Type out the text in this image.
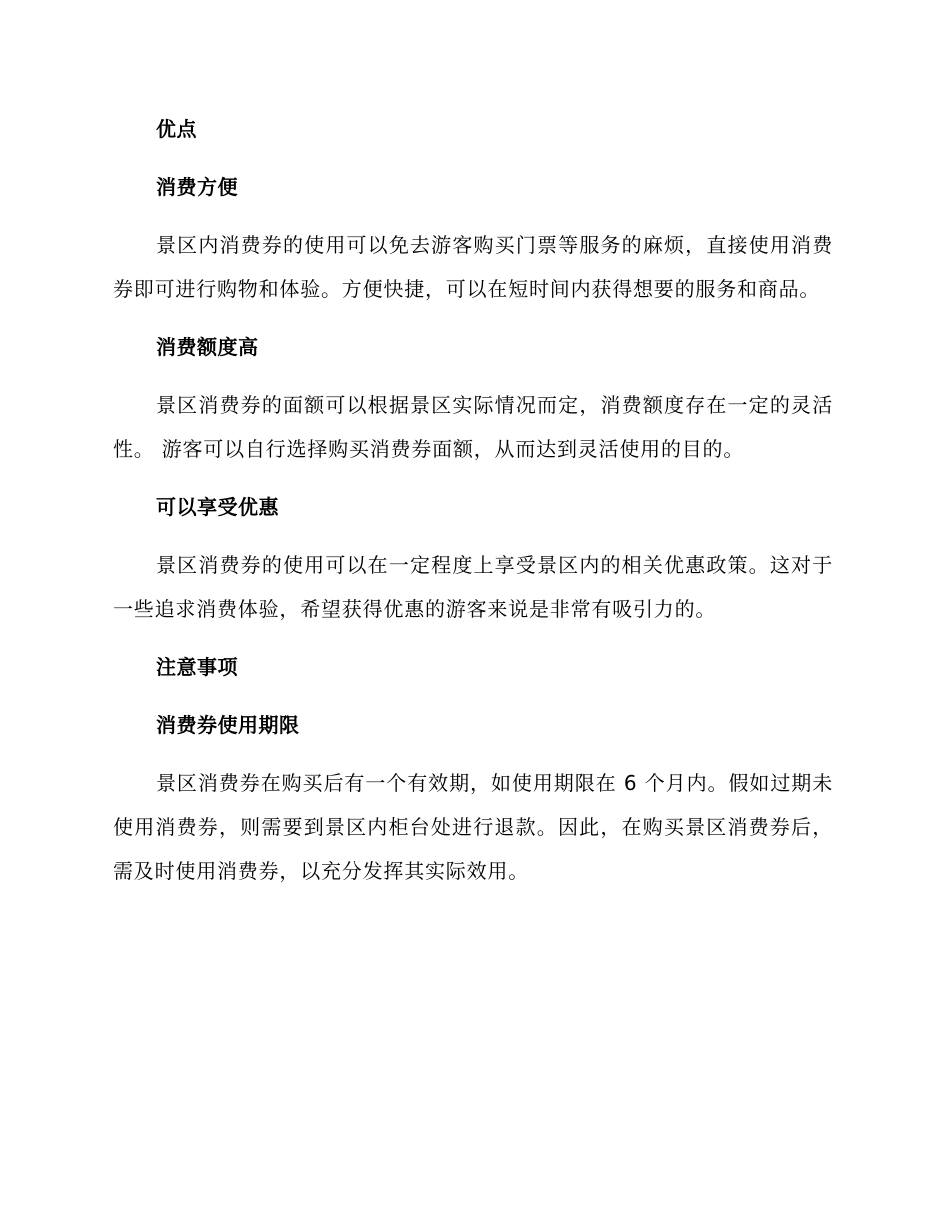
优点
消费方便

景区内消费券的使用可以免去游客购买门票等服务的麻烦，直接使用消费券即可进行购物和体验。方便快捷，可以在短时间内获得想要的服务和商品。

消费额度高

景区消费券的面额可以根据景区实际情况而定，消费额度存在一定的灵活性。 游客可以自行选择购买消费券面额，从而达到灵活使用的目的。

可以享受优惠

景区消费券的使用可以在一定程度上享受景区内的相关优惠政策。这对于一些追求消费体验，希望获得优惠的游客来说是非常有吸引力的。

注意事项
消费券使用期限

景区消费券在购买后有一个有效期，如使用期限在 6 个月内。假如过期未使用消费券，则需要到景区内柜台处进行退款。因此，在购买景区消费券后，需及时使用消费券，以充分发挥其实际效用。
